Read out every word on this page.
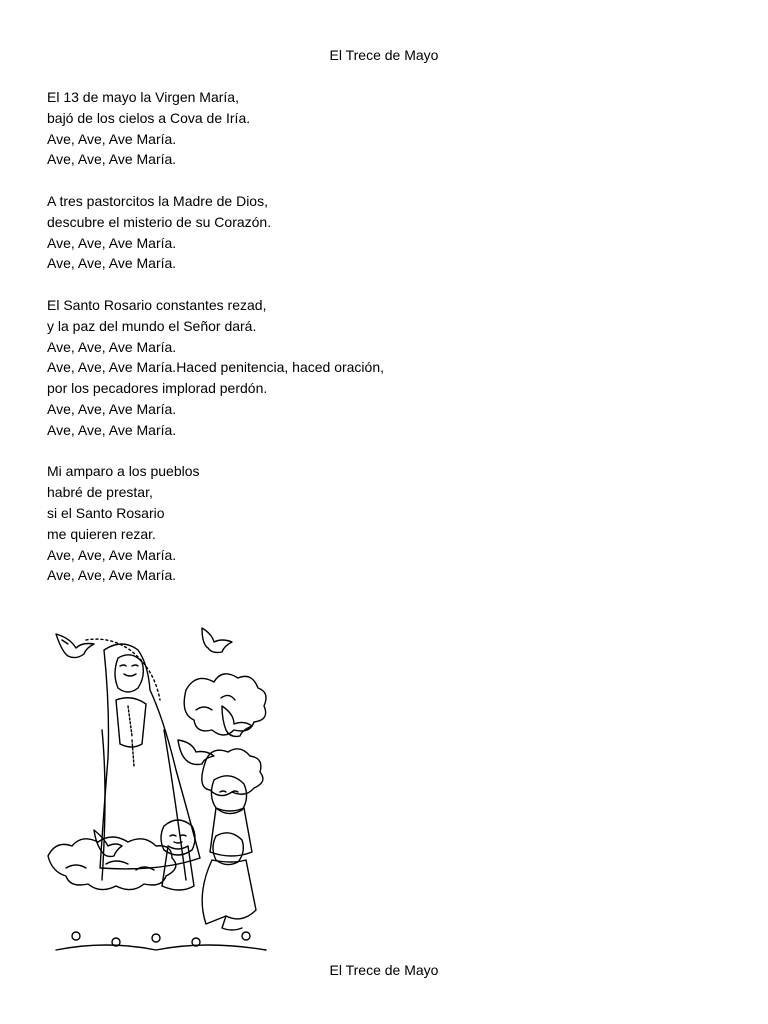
El Trece de Mayo
El 13 de mayo la Virgen María,
bajó de los cielos a Cova de Iría.
Ave, Ave, Ave María.
Ave, Ave, Ave María.
A tres pastorcitos la Madre de Dios,
descubre el misterio de su Corazón.
Ave, Ave, Ave María.
Ave, Ave, Ave María.
El Santo Rosario constantes rezad,
y la paz del mundo el Señor dará.
Ave, Ave, Ave María.
Ave, Ave, Ave María.Haced penitencia, haced oración,
por los pecadores implorad perdón.
Ave, Ave, Ave María.
Ave, Ave, Ave María.
Mi amparo a los pueblos
habré de prestar,
si el Santo Rosario
me quieren rezar.
Ave, Ave, Ave María.
Ave, Ave, Ave María.
El Trece de Mayo
